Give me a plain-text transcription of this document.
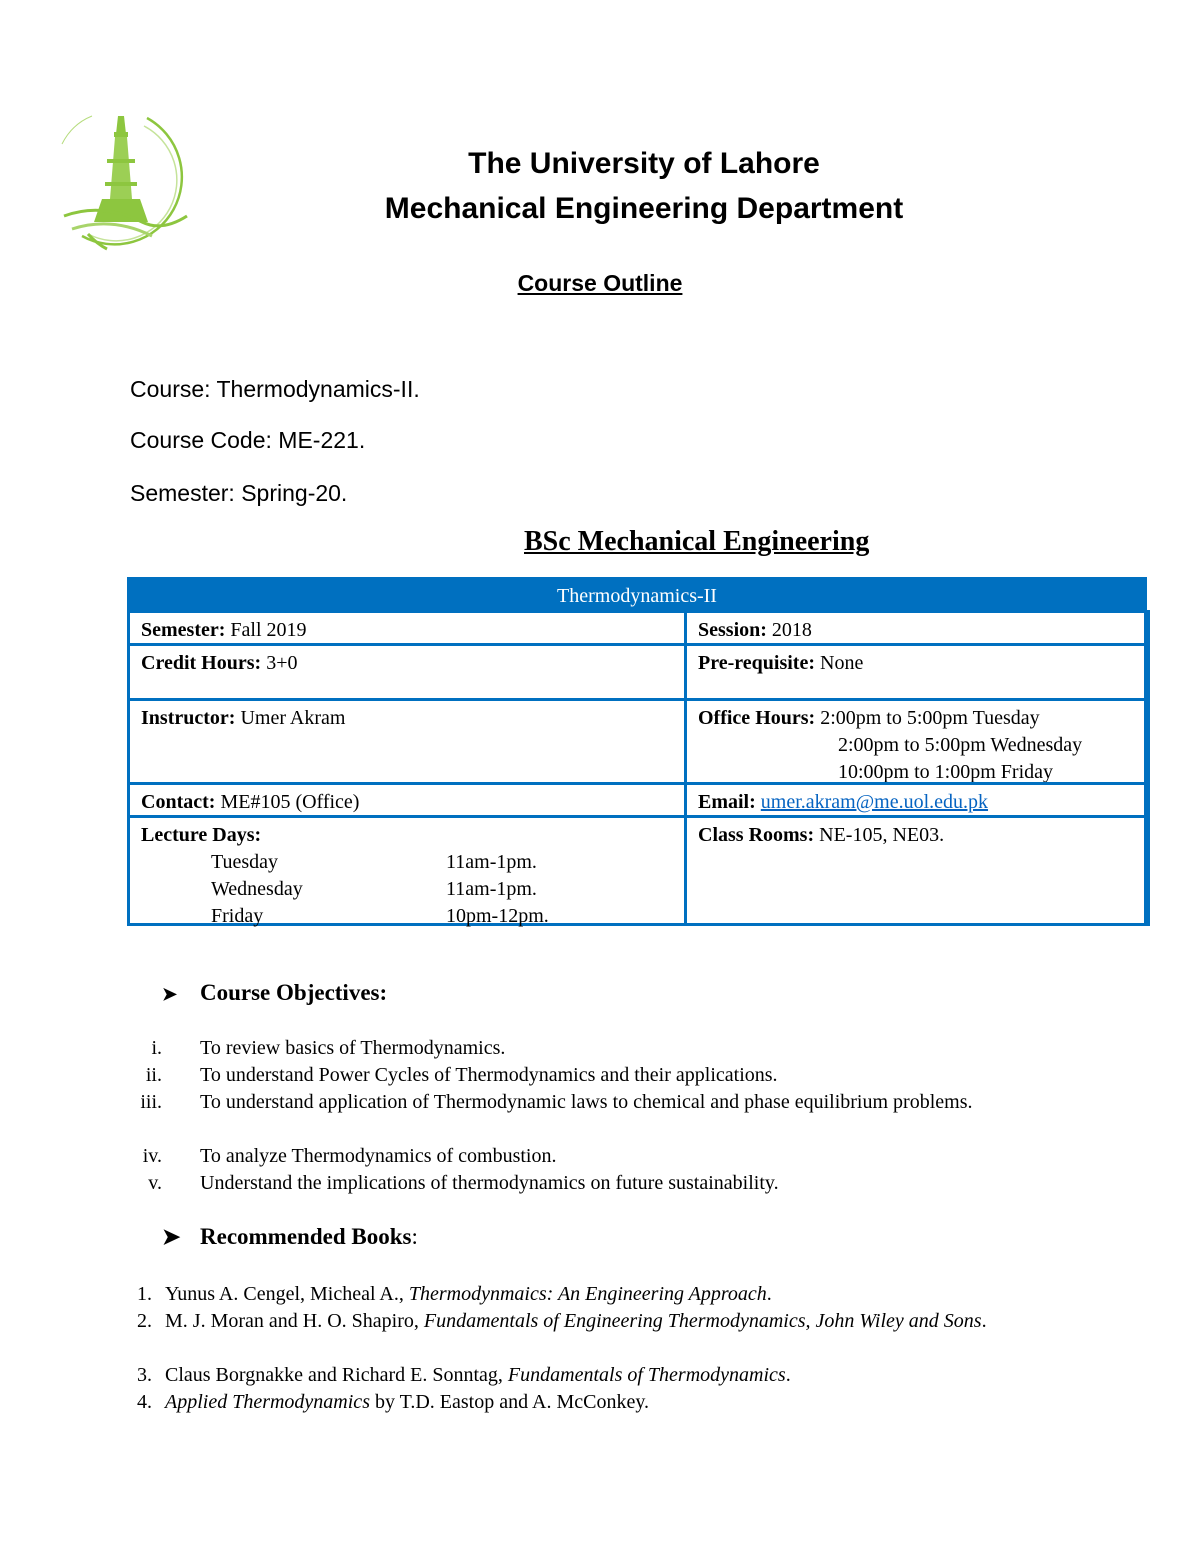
The University of Lahore
Mechanical Engineering Department
Course Outline
Course: Thermodynamics-II.
Course Code: ME-221.
Semester: Spring-20.
BSc Mechanical Engineering
Thermodynamics-II
Semester: Fall 2019	Session: 2018
Credit Hours: 3+0	Pre-requisite: None
Instructor: Umer Akram	Office Hours: 2:00pm to 5:00pm Tuesday
2:00pm to 5:00pm Wednesday
10:00pm to 1:00pm Friday
Contact: ME#105 (Office)	Email: umer.akram@me.uol.edu.pk
Lecture Days:
Tuesday	11am-1pm.
Wednesday	11am-1pm.
Friday	10pm-12pm.
Class Rooms: NE-105, NE03.
➤ Course Objectives:
i. To review basics of Thermodynamics.
ii. To understand Power Cycles of Thermodynamics and their applications.
iii. To understand application of Thermodynamic laws to chemical and phase equilibrium problems.
iv. To analyze Thermodynamics of combustion.
v. Understand the implications of thermodynamics on future sustainability.
➤ Recommended Books:
1. Yunus A. Cengel, Micheal A., Thermodynmaics: An Engineering Approach.
2. M. J. Moran and H. O. Shapiro, Fundamentals of Engineering Thermodynamics, John Wiley and Sons.
3. Claus Borgnakke and Richard E. Sonntag, Fundamentals of Thermodynamics.
4. Applied Thermodynamics by T.D. Eastop and A. McConkey.
